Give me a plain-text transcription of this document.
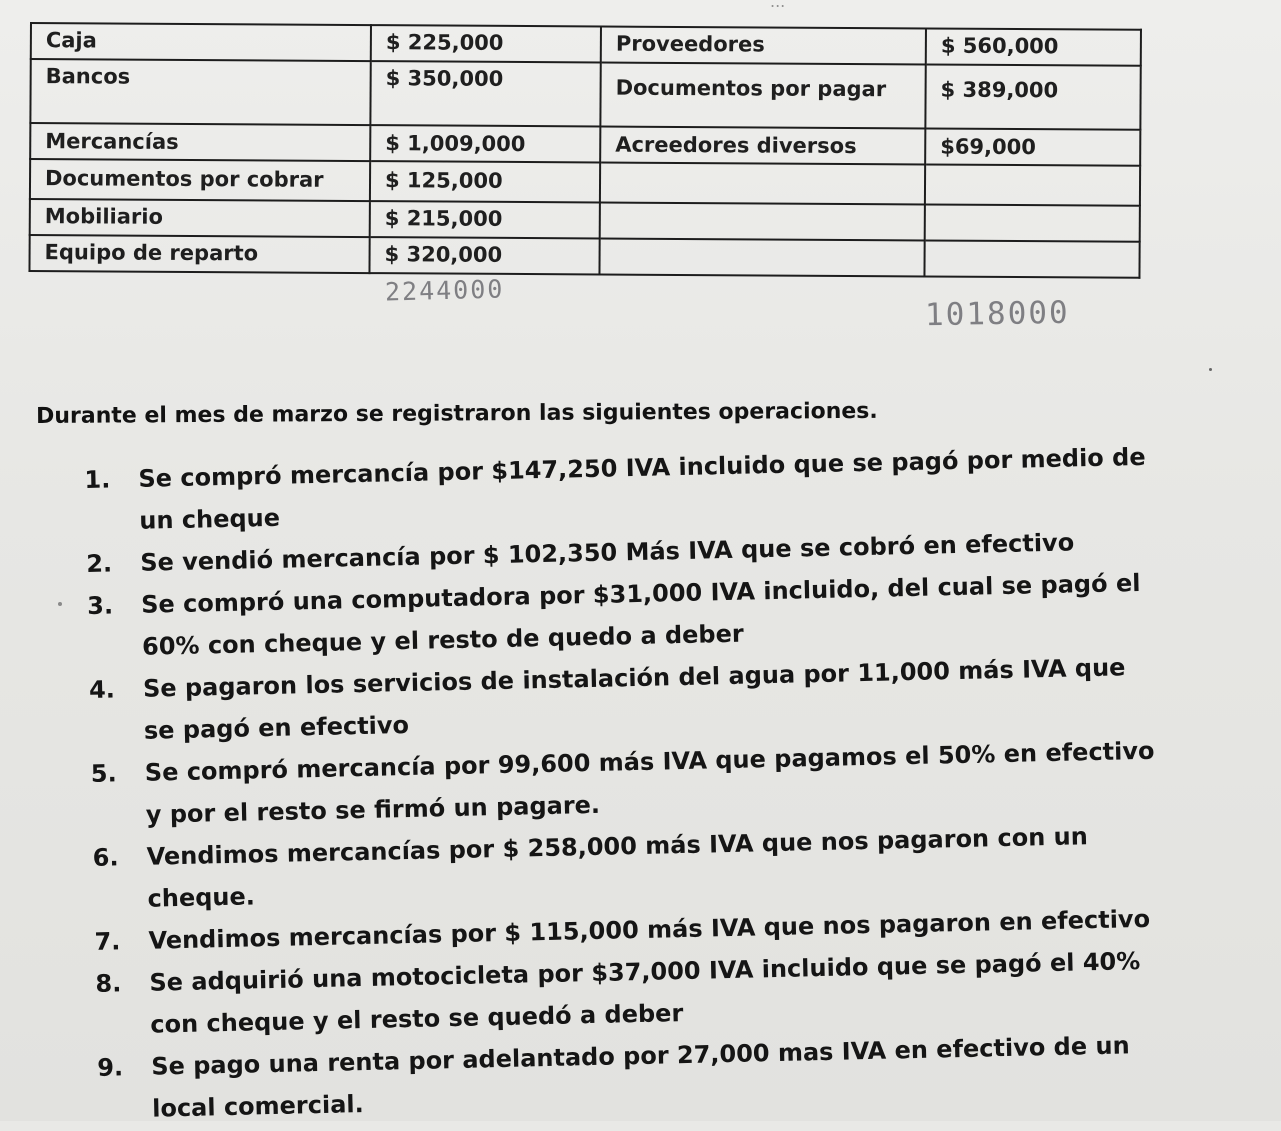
...
Caja	$ 225,000	Proveedores	$ 560,000
Bancos	$ 350,000	Documentos por pagar	$ 389,000
Mercancías	$ 1,009,000	Acreedores diversos	$69,000
Documentos por cobrar	$ 125,000		
Mobiliario	$ 215,000		
Equipo de reparto	$ 320,000		
2244000
1018000
Durante el mes de marzo se registraron las siguientes operaciones.
1. Se compró mercancía por $147,250 IVA incluido que se pagó por medio de un cheque
2. Se vendió mercancía por $ 102,350 Más IVA que se cobró en efectivo
3. Se compró una computadora por $31,000 IVA incluido, del cual se pagó el 60% con cheque y el resto de quedo a deber
4. Se pagaron los servicios de instalación del agua por 11,000 más IVA que se pagó en efectivo
5. Se compró mercancía por 99,600 más IVA que pagamos el 50% en efectivo y por el resto se firmó un pagare.
6. Vendimos mercancías por $ 258,000 más IVA que nos pagaron con un cheque.
7. Vendimos mercancías por $ 115,000 más IVA que nos pagaron en efectivo
8. Se adquirió una motocicleta por $37,000 IVA incluido que se pagó el 40% con cheque y el resto se quedó a deber
9. Se pago una renta por adelantado por 27,000 mas IVA en efectivo de un local comercial.
